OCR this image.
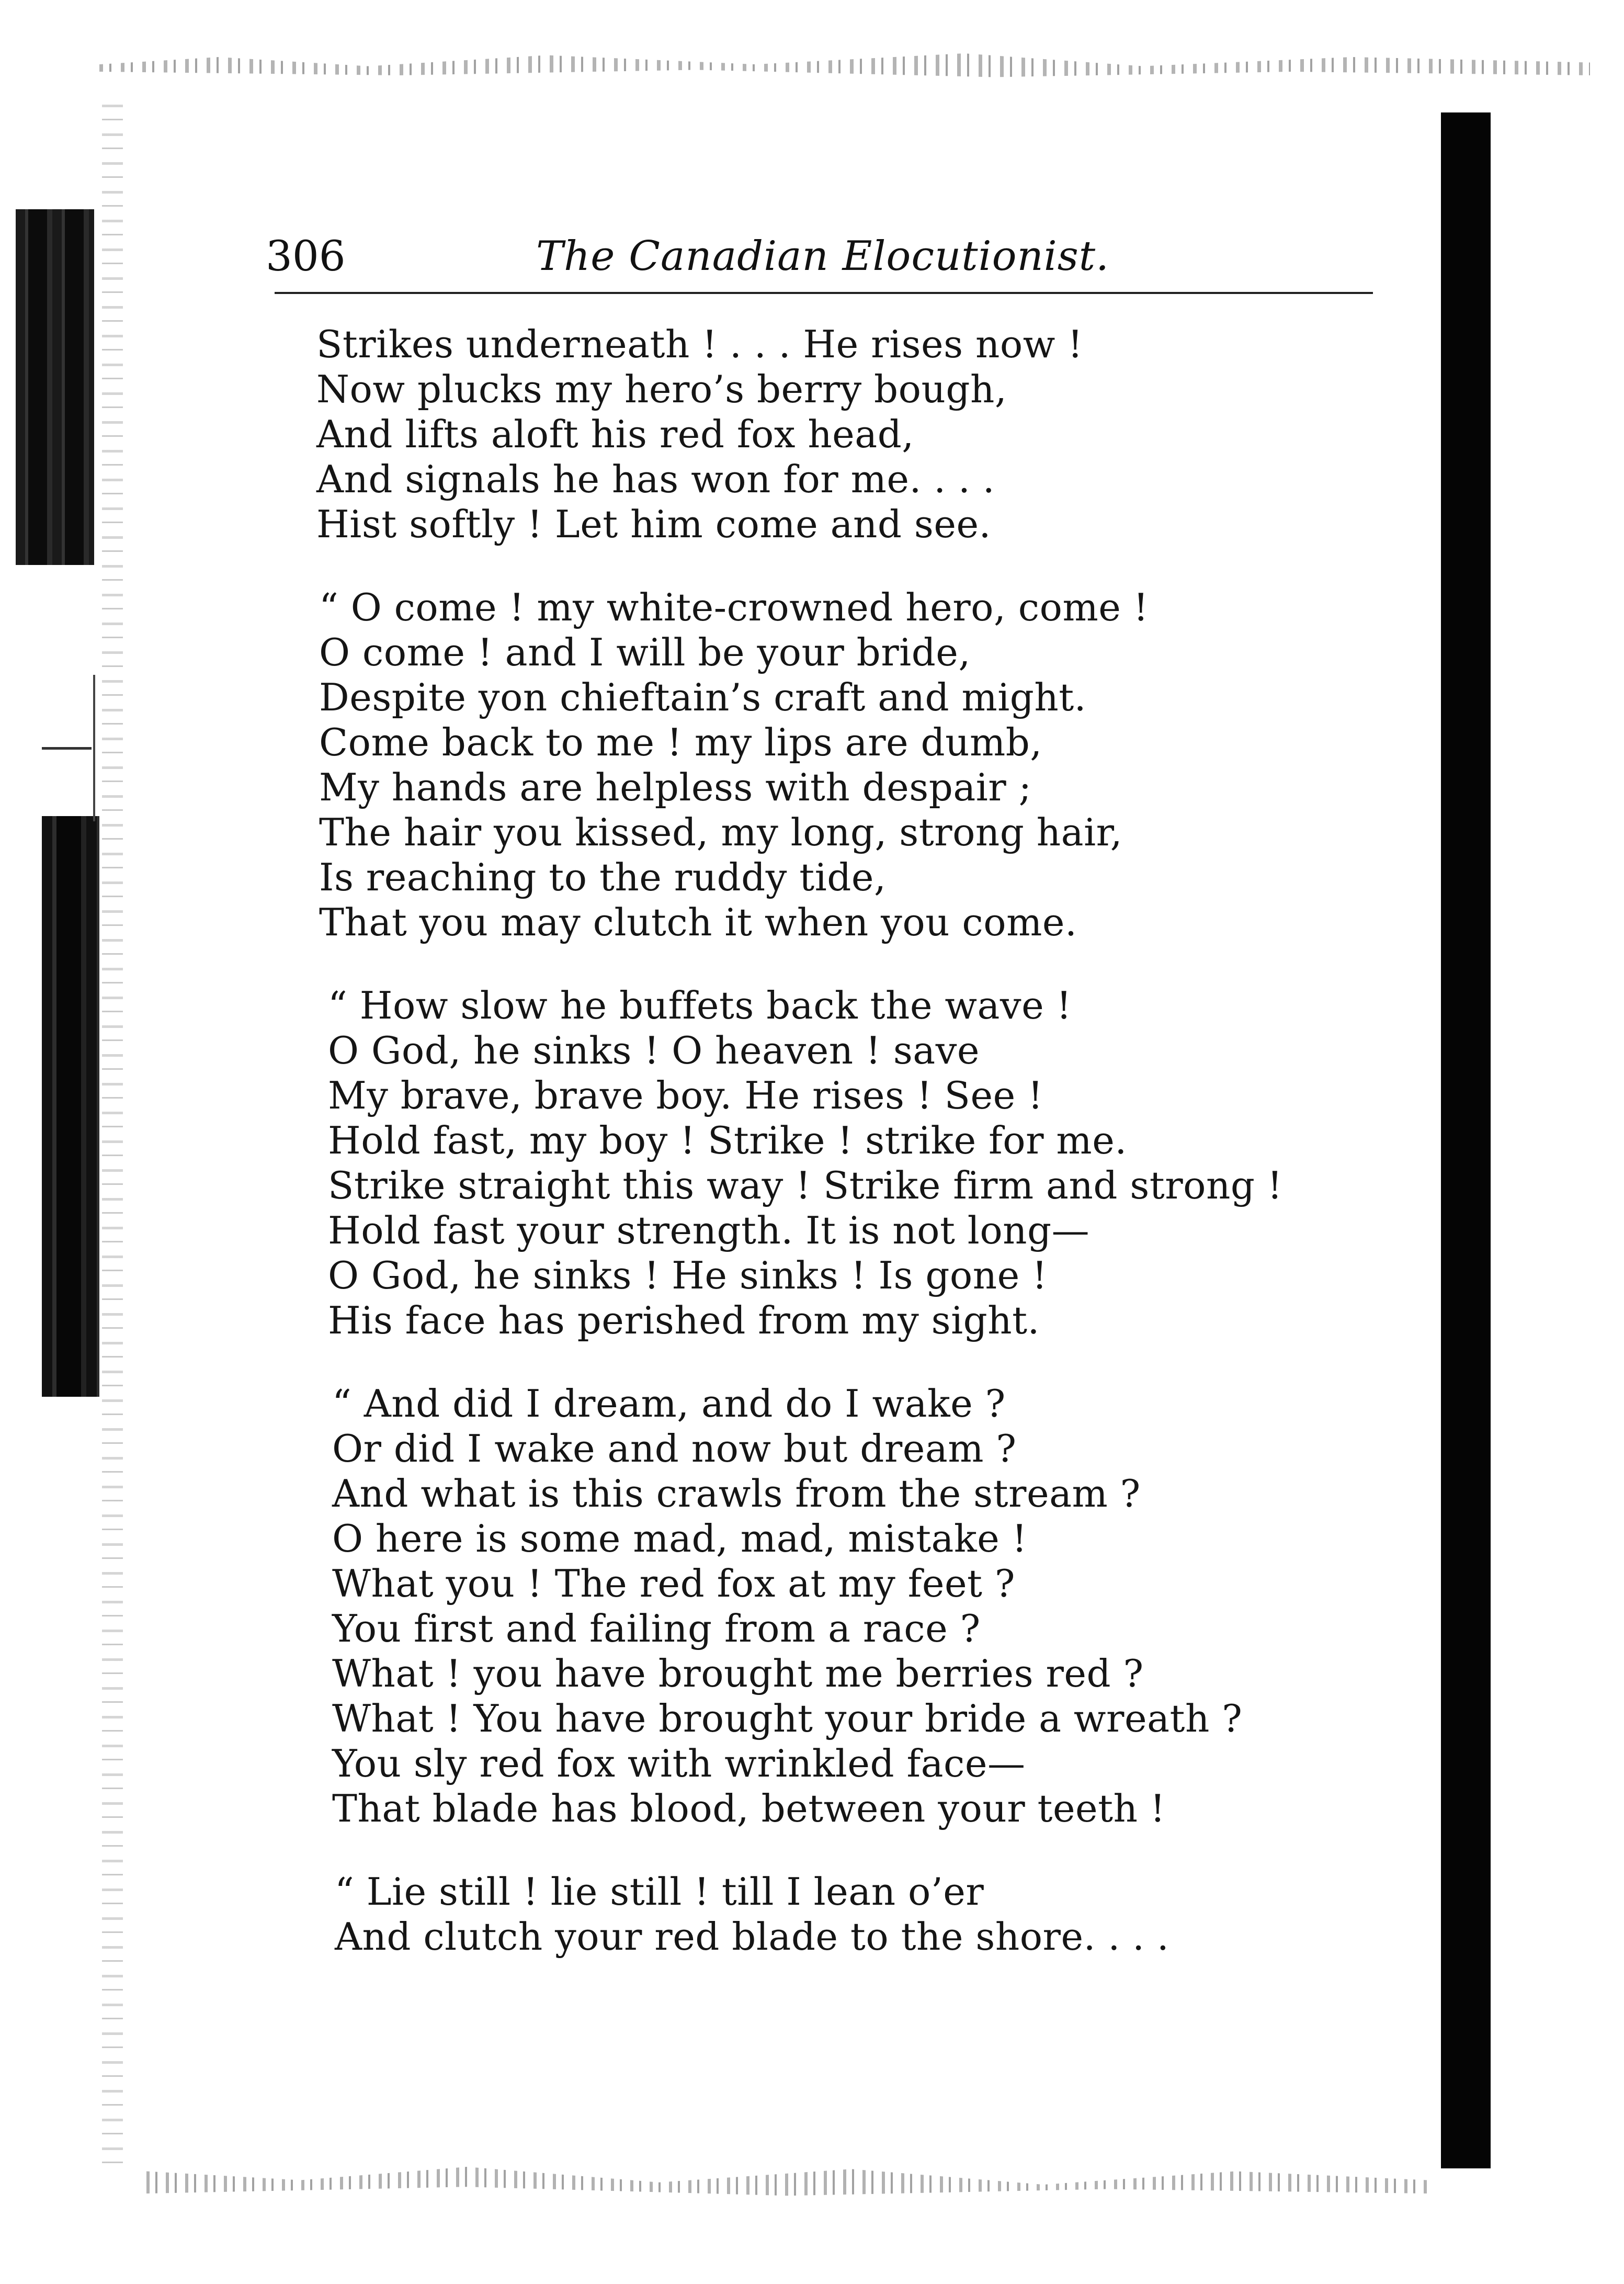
306	The Canadian Elocutionist.
Strikes underneath ! . . . He rises now !
Now plucks my hero’s berry bough,
And lifts aloft his red fox head,
And signals he has won for me. . . .
Hist softly ! Let him come and see.
“ O come ! my white-crowned hero, come !
O come ! and I will be your bride,
Despite yon chieftain’s craft and might.
Come back to me ! my lips are dumb,
My hands are helpless with despair ;
The hair you kissed, my long, strong hair,
Is reaching to the ruddy tide,
That you may clutch it when you come.
“ How slow he buffets back the wave !
O God, he sinks ! O heaven ! save
My brave, brave boy. He rises ! See !
Hold fast, my boy ! Strike ! strike for me.
Strike straight this way ! Strike firm and strong !
Hold fast your strength. It is not long—
O God, he sinks ! He sinks ! Is gone !
His face has perished from my sight.
“ And did I dream, and do I wake ?
Or did I wake and now but dream ?
And what is this crawls from the stream ?
O here is some mad, mad, mistake !
What you ! The red fox at my feet ?
You first and failing from a race ?
What ! you have brought me berries red ?
What ! You have brought your bride a wreath ?
You sly red fox with wrinkled face—
That blade has blood, between your teeth !
“ Lie still ! lie still ! till I lean o’er
And clutch your red blade to the shore. . . .
